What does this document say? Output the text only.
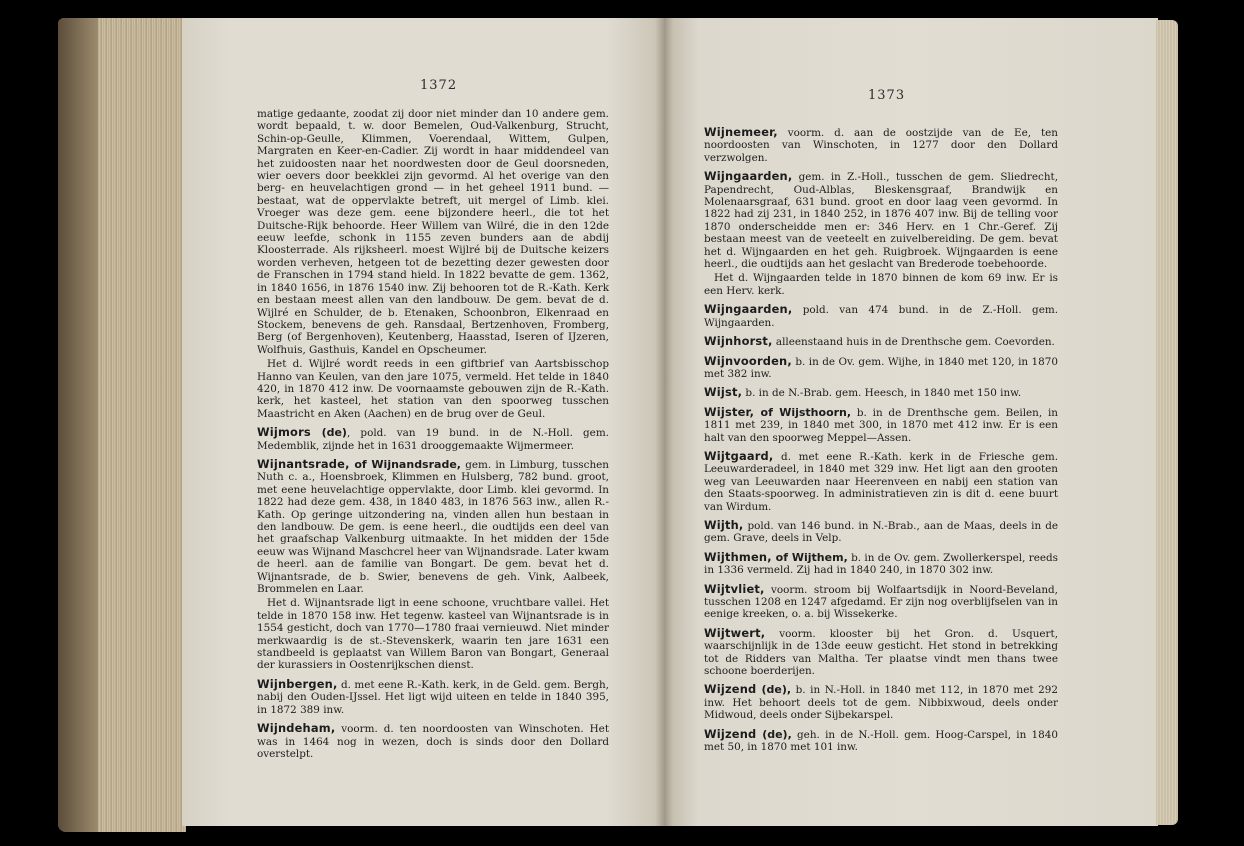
1372
1373

matige gedaante, zoodat zij door niet minder dan 10 andere gem. wordt bepaald, t. w. door Bemelen, Oud-Valkenburg, Strucht, Schin-op-Geulle, Klimmen, Voerendaal, Wittem, Gulpen, Margraten en Keer-en-Cadier. Zij wordt in haar middendeel van het zuidoosten naar het noordwesten door de Geul doorsneden, wier oevers door beekklei zijn gevormd. Al het overige van den berg- en heuvelachtigen grond — in het geheel 1911 bund. — bestaat, wat de oppervlakte betreft, uit mergel of Limb. klei. Vroeger was deze gem. eene bijzondere heerl., die tot het Duitsche-Rijk behoorde. Heer Willem van Wilré, die in den 12de eeuw leefde, schonk in 1155 zeven bunders aan de abdij Kloosterrade. Als rijksheerl. moest Wijlré bij de Duitsche keizers worden verheven, hetgeen tot de bezetting dezer gewesten door de Franschen in 1794 stand hield. In 1822 bevatte de gem. 1362, in 1840 1656, in 1876 1540 inw. Zij behooren tot de R.-Kath. Kerk en bestaan meest allen van den landbouw. De gem. bevat de d. Wijlré en Schulder, de b. Etenaken, Schoonbron, Elkenraad en Stockem, benevens de geh. Ransdaal, Bertzenhoven, Fromberg, Berg (of Bergenhoven), Keutenberg, Haasstad, Iseren of IJzeren, Wolfhuis, Gasthuis, Kandel en Opscheumer.

Het d. Wijlré wordt reeds in een giftbrief van Aartsbisschop Hanno van Keulen, van den jare 1075, vermeld. Het telde in 1840 420, in 1870 412 inw. De voornaamste gebouwen zijn de R.-Kath. kerk, het kasteel, het station van den spoorweg tusschen Maastricht en Aken (Aachen) en de brug over de Geul.

Wijmors (de), pold. van 19 bund. in de N.-Holl. gem. Medemblik, zijnde het in 1631 drooggemaakte Wijmermeer.

Wijnantsrade, of Wijnandsrade, gem. in Limburg, tusschen Nuth c. a., Hoensbroek, Klimmen en Hulsberg, 782 bund. groot, met eene heuvelachtige oppervlakte, door Limb. klei gevormd. In 1822 had deze gem. 438, in 1840 483, in 1876 563 inw., allen R.-Kath. Op geringe uitzondering na, vinden allen hun bestaan in den landbouw. De gem. is eene heerl., die oudtijds een deel van het graafschap Valkenburg uitmaakte. In het midden der 15de eeuw was Wijnand Maschcrel heer van Wijnandsrade. Later kwam de heerl. aan de familie van Bongart. De gem. bevat het d. Wijnantsrade, de b. Swier, benevens de geh. Vink, Aalbeek, Brommelen en Laar.

Het d. Wijnantsrade ligt in eene schoone, vruchtbare vallei. Het telde in 1870 158 inw. Het tegenw. kasteel van Wijnantsrade is in 1554 gesticht, doch van 1770—1780 fraai vernieuwd. Niet minder merkwaardig is de st.-Stevenskerk, waarin ten jare 1631 een standbeeld is geplaatst van Willem Baron van Bongart, Generaal der kurassiers in Oostenrijkschen dienst.

Wijnbergen, d. met eene R.-Kath. kerk, in de Geld. gem. Bergh, nabij den Ouden-IJssel. Het ligt wijd uiteen en telde in 1840 395, in 1872 389 inw.

Wijndeham, voorm. d. ten noordoosten van Winschoten. Het was in 1464 nog in wezen, doch is sinds door den Dollard overstelpt.

Wijnemeer, voorm. d. aan de oostzijde van de Ee, ten noordoosten van Winschoten, in 1277 door den Dollard verzwolgen.

Wijngaarden, gem. in Z.-Holl., tusschen de gem. Sliedrecht, Papendrecht, Oud-Alblas, Bleskensgraaf, Brandwijk en Molenaarsgraaf, 631 bund. groot en door laag veen gevormd. In 1822 had zij 231, in 1840 252, in 1876 407 inw. Bij de telling voor 1870 onderscheidde men er: 346 Herv. en 1 Chr.-Geref. Zij bestaan meest van de veeteelt en zuivelbereiding. De gem. bevat het d. Wijngaarden en het geh. Ruigbroek. Wijngaarden is eene heerl., die oudtijds aan het geslacht van Brederode toebehoorde.

Het d. Wijngaarden telde in 1870 binnen de kom 69 inw. Er is een Herv. kerk.

Wijngaarden, pold. van 474 bund. in de Z.-Holl. gem. Wijngaarden.

Wijnhorst, alleenstaand huis in de Drenthsche gem. Coevorden.

Wijnvoorden, b. in de Ov. gem. Wijhe, in 1840 met 120, in 1870 met 382 inw.

Wijst, b. in de N.-Brab. gem. Heesch, in 1840 met 150 inw.

Wijster, of Wijsthoorn, b. in de Drenthsche gem. Beilen, in 1811 met 239, in 1840 met 300, in 1870 met 412 inw. Er is een halt van den spoorweg Meppel—Assen.

Wijtgaard, d. met eene R.-Kath. kerk in de Friesche gem. Leeuwarderadeel, in 1840 met 329 inw. Het ligt aan den grooten weg van Leeuwarden naar Heerenveen en nabij een station van den Staats-spoorweg. In administratieven zin is dit d. eene buurt van Wirdum.

Wijth, pold. van 146 bund. in N.-Brab., aan de Maas, deels in de gem. Grave, deels in Velp.

Wijthmen, of Wijthem, b. in de Ov. gem. Zwollerkerspel, reeds in 1336 vermeld. Zij had in 1840 240, in 1870 302 inw.

Wijtvliet, voorm. stroom bij Wolfaartsdijk in Noord-Beveland, tusschen 1208 en 1247 afgedamd. Er zijn nog overblijfselen van in eenige kreeken, o. a. bij Wissekerke.

Wijtwert, voorm. klooster bij het Gron. d. Usquert, waarschijnlijk in de 13de eeuw gesticht. Het stond in betrekking tot de Ridders van Maltha. Ter plaatse vindt men thans twee schoone boerderijen.

Wijzend (de), b. in N.-Holl. in 1840 met 112, in 1870 met 292 inw. Het behoort deels tot de gem. Nibbixwoud, deels onder Midwoud, deels onder Sijbekarspel.

Wijzend (de), geh. in de N.-Holl. gem. Hoog-Carspel, in 1840 met 50, in 1870 met 101 inw.
